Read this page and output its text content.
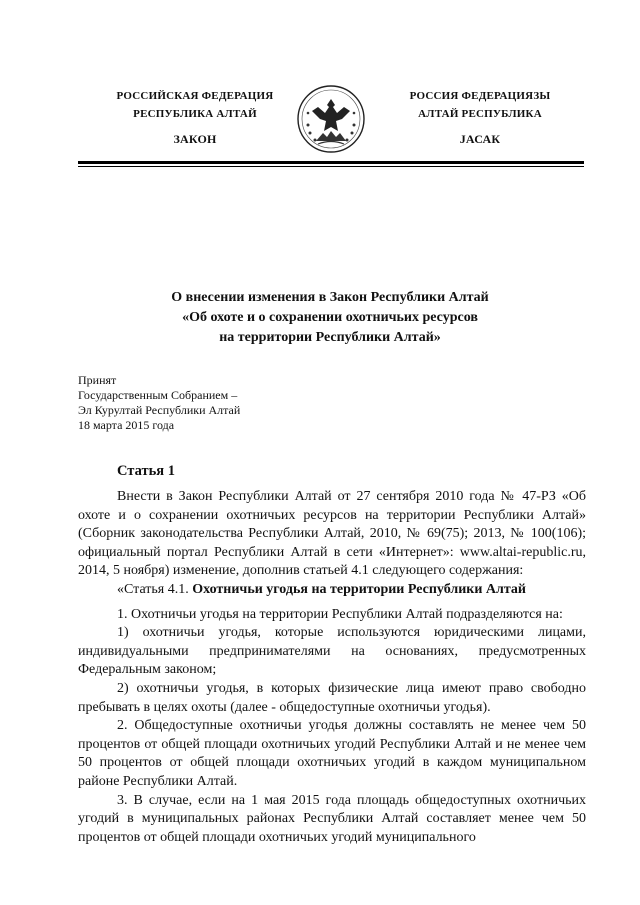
РОССИЙСКАЯ ФЕДЕРАЦИЯ
РЕСПУБЛИКА АЛТАЙ
ЗАКОН
РОССИЯ ФЕДЕРАЦИЯЗЫ
АЛТАЙ РЕСПУБЛИКА
JАСАК
О внесении изменения в Закон Республики Алтай
«Об охоте и о сохранении охотничьих ресурсов
на территории Республики Алтай»
Принят
Государственным Собранием –
Эл Курултай Республики Алтай
18 марта 2015 года
Статья 1

Внести в Закон Республики Алтай от 27 сентября 2010 года № 47-РЗ «Об охоте и о сохранении охотничьих ресурсов на территории Республики Алтай» (Сборник законодательства Республики Алтай, 2010, № 69(75); 2013, № 100(106); официальный портал Республики Алтай в сети «Интернет»: www.altai-republic.ru, 2014, 5 ноября) изменение, дополнив статьей 4.1 следующего содержания:

«Статья 4.1. Охотничьи угодья на территории Республики Алтай

1. Охотничьи угодья на территории Республики Алтай подразделяются на:

1) охотничьи угодья, которые используются юридическими лицами, индивидуальными предпринимателями на основаниях, предусмотренных Федеральным законом;

2) охотничьи угодья, в которых физические лица имеют право свободно пребывать в целях охоты (далее - общедоступные охотничьи угодья).

2. Общедоступные охотничьи угодья должны составлять не менее чем 50 процентов от общей площади охотничьих угодий Республики Алтай и не менее чем 50 процентов от общей площади охотничьих угодий в каждом муниципальном районе Республики Алтай.

3. В случае, если на 1 мая 2015 года площадь общедоступных охотничьих угодий в муниципальных районах Республики Алтай составляет менее чем 50 процентов от общей площади охотничьих угодий муниципального
